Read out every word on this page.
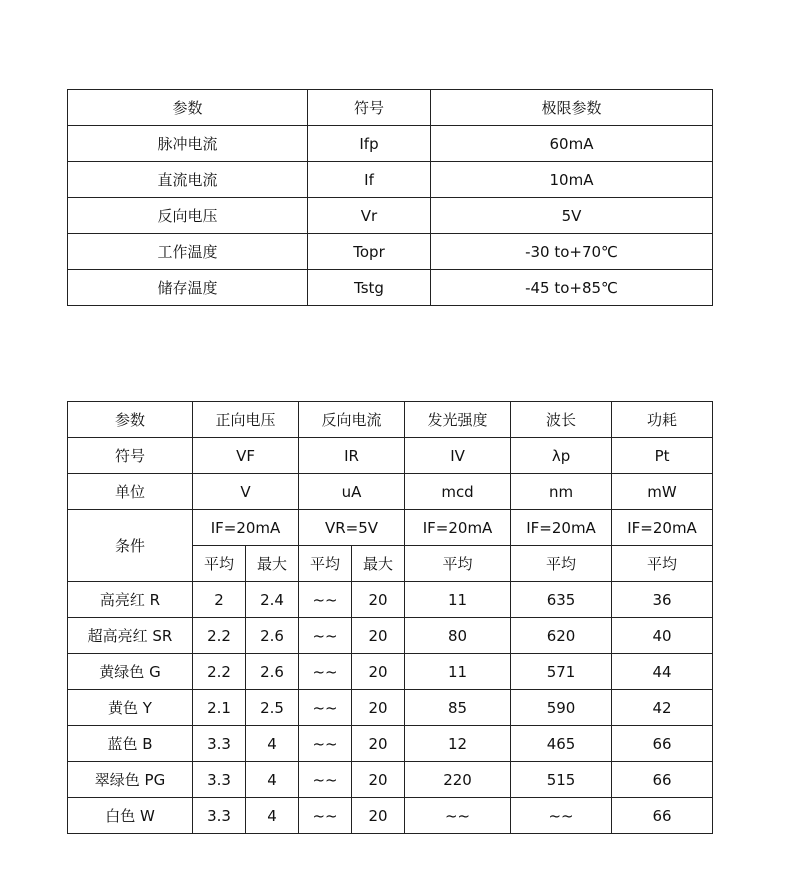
参数	符号	极限参数
脉冲电流	Ifp	60mA
直流电流	If	10mA
反向电压	Vr	5V
工作温度	Topr	-30 to+70℃
储存温度	Tstg	-45 to+85℃
参数	正向电压		反向电流		发光强度	波长	功耗
符号	VF		IR		IV	λp	Pt
单位	V		uA		mcd	nm	mW
条件	IF=20mA		VR=5V		IF=20mA	IF=20mA	IF=20mA
	平均	最大	平均	最大	平均	平均	平均
高亮红 R	2	2.4	~~	20	11	635	36
超高亮红 SR	2.2	2.6	~~	20	80	620	40
黄绿色 G	2.2	2.6	~~	20	11	571	44
黄色 Y	2.1	2.5	~~	20	85	590	42
蓝色 B	3.3	4	~~	20	12	465	66
翠绿色 PG	3.3	4	~~	20	220	515	66
白色 W	3.3	4	~~	20	~~	~~	66
